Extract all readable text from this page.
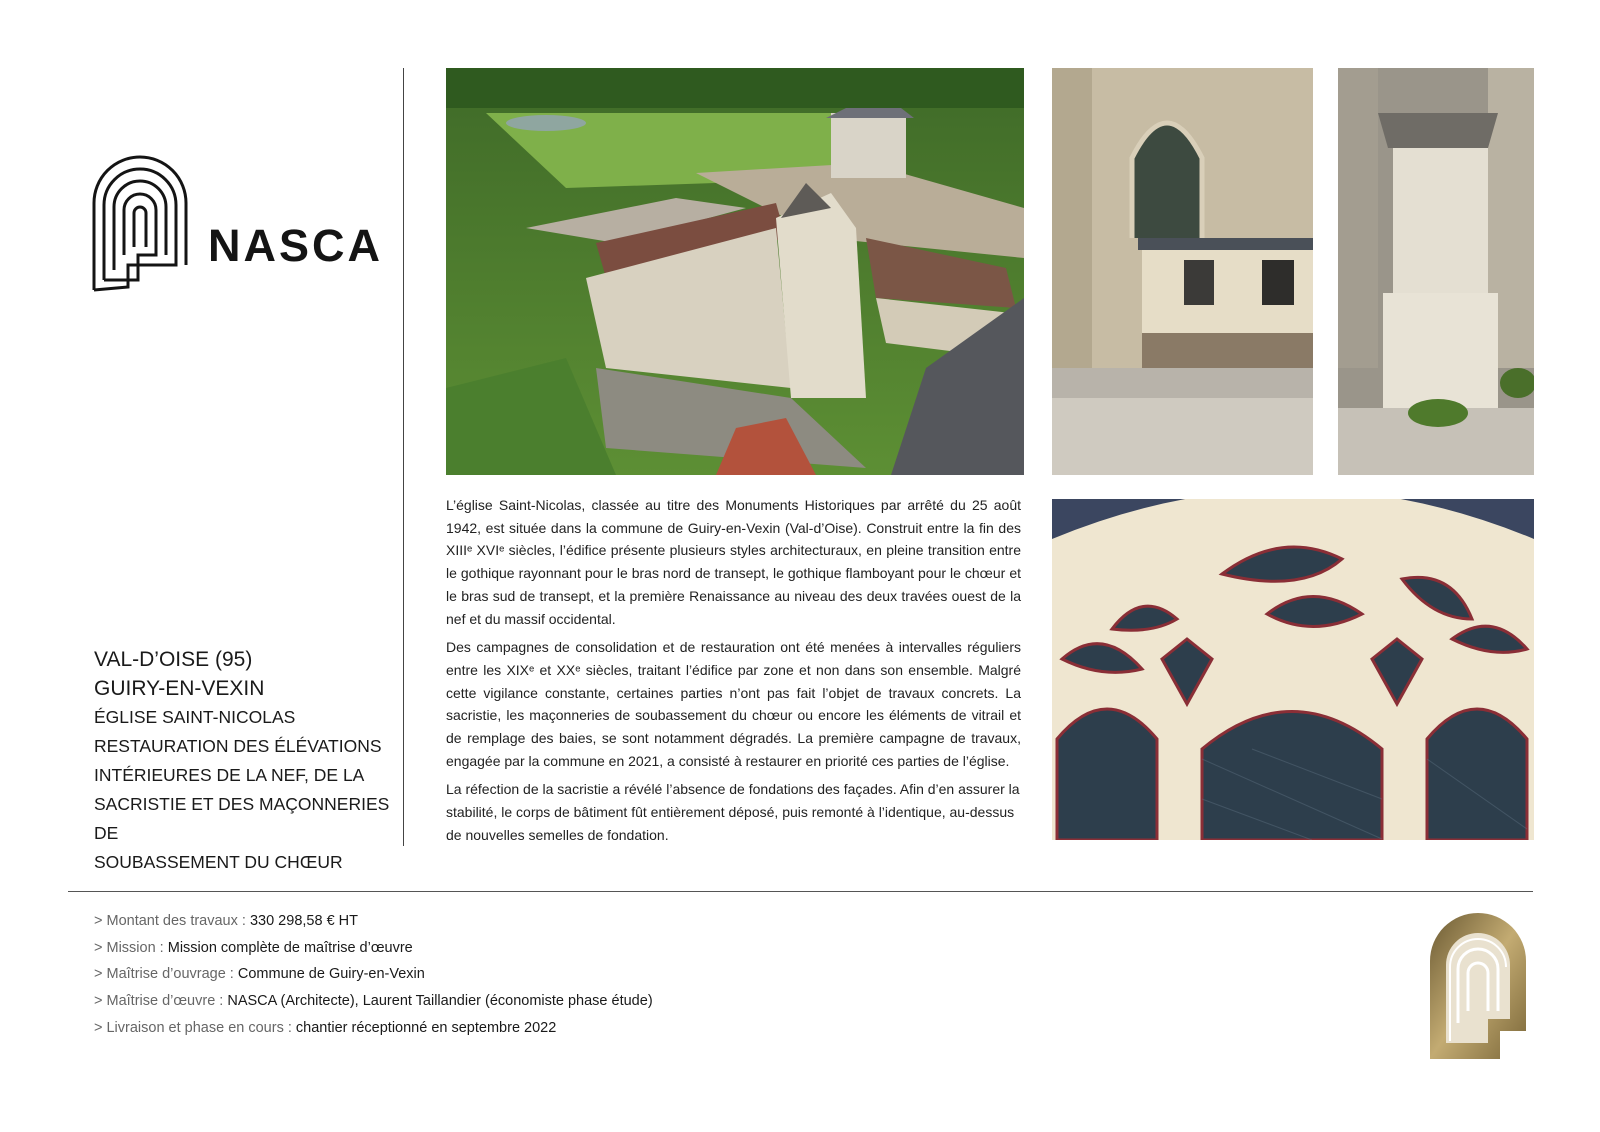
NASCA
VAL-D’OISE (95)
GUIRY-EN-VEXIN
ÉGLISE SAINT-NICOLAS
RESTAURATION DES ÉLÉVATIONS
INTÉRIEURES DE LA NEF, DE LA
SACRISTIE ET DES MAÇONNERIES DE
SOUBASSEMENT DU CHŒUR

L’église Saint-Nicolas, classée au titre des Monuments Historiques par arrêté du 25 août 1942, est située dans la commune de Guiry-en-Vexin (Val-d’Oise). Construit entre la fin des XIIIᵉ XVIᵉ siècles, l’édifice présente plusieurs styles architecturaux, en pleine transition entre le gothique rayonnant pour le bras nord de transept, le gothique flamboyant pour le chœur et le bras sud de transept, et la première Renaissance au niveau des deux travées ouest de la nef et du massif occidental.

Des campagnes de consolidation et de restauration ont été menées à intervalles réguliers entre les XIXᵉ et XXᵉ siècles, traitant l’édifice par zone et non dans son ensemble. Malgré cette vigilance constante, certaines parties n’ont pas fait l’objet de travaux concrets. La sacristie, les maçonneries de soubassement du chœur ou encore les éléments de vitrail et de remplage des baies, se sont notamment dégradés. La première campagne de travaux, engagée par la commune en 2021, a consisté à restaurer en priorité ces parties de l’église.

La réfection de la sacristie a révélé l’absence de fondations des façades. Afin d’en assurer la stabilité, le corps de bâtiment fût entièrement déposé, puis remonté à l’identique, au-dessus de nouvelles semelles de fondation.

> Montant des travaux : 330 298,58 € HT
> Mission : Mission complète de maîtrise d’œuvre
> Maîtrise d’ouvrage : Commune de Guiry-en-Vexin
> Maîtrise d’œuvre : NASCA (Architecte), Laurent Taillandier (économiste phase étude)
> Livraison et phase en cours : chantier réceptionné en septembre 2022
